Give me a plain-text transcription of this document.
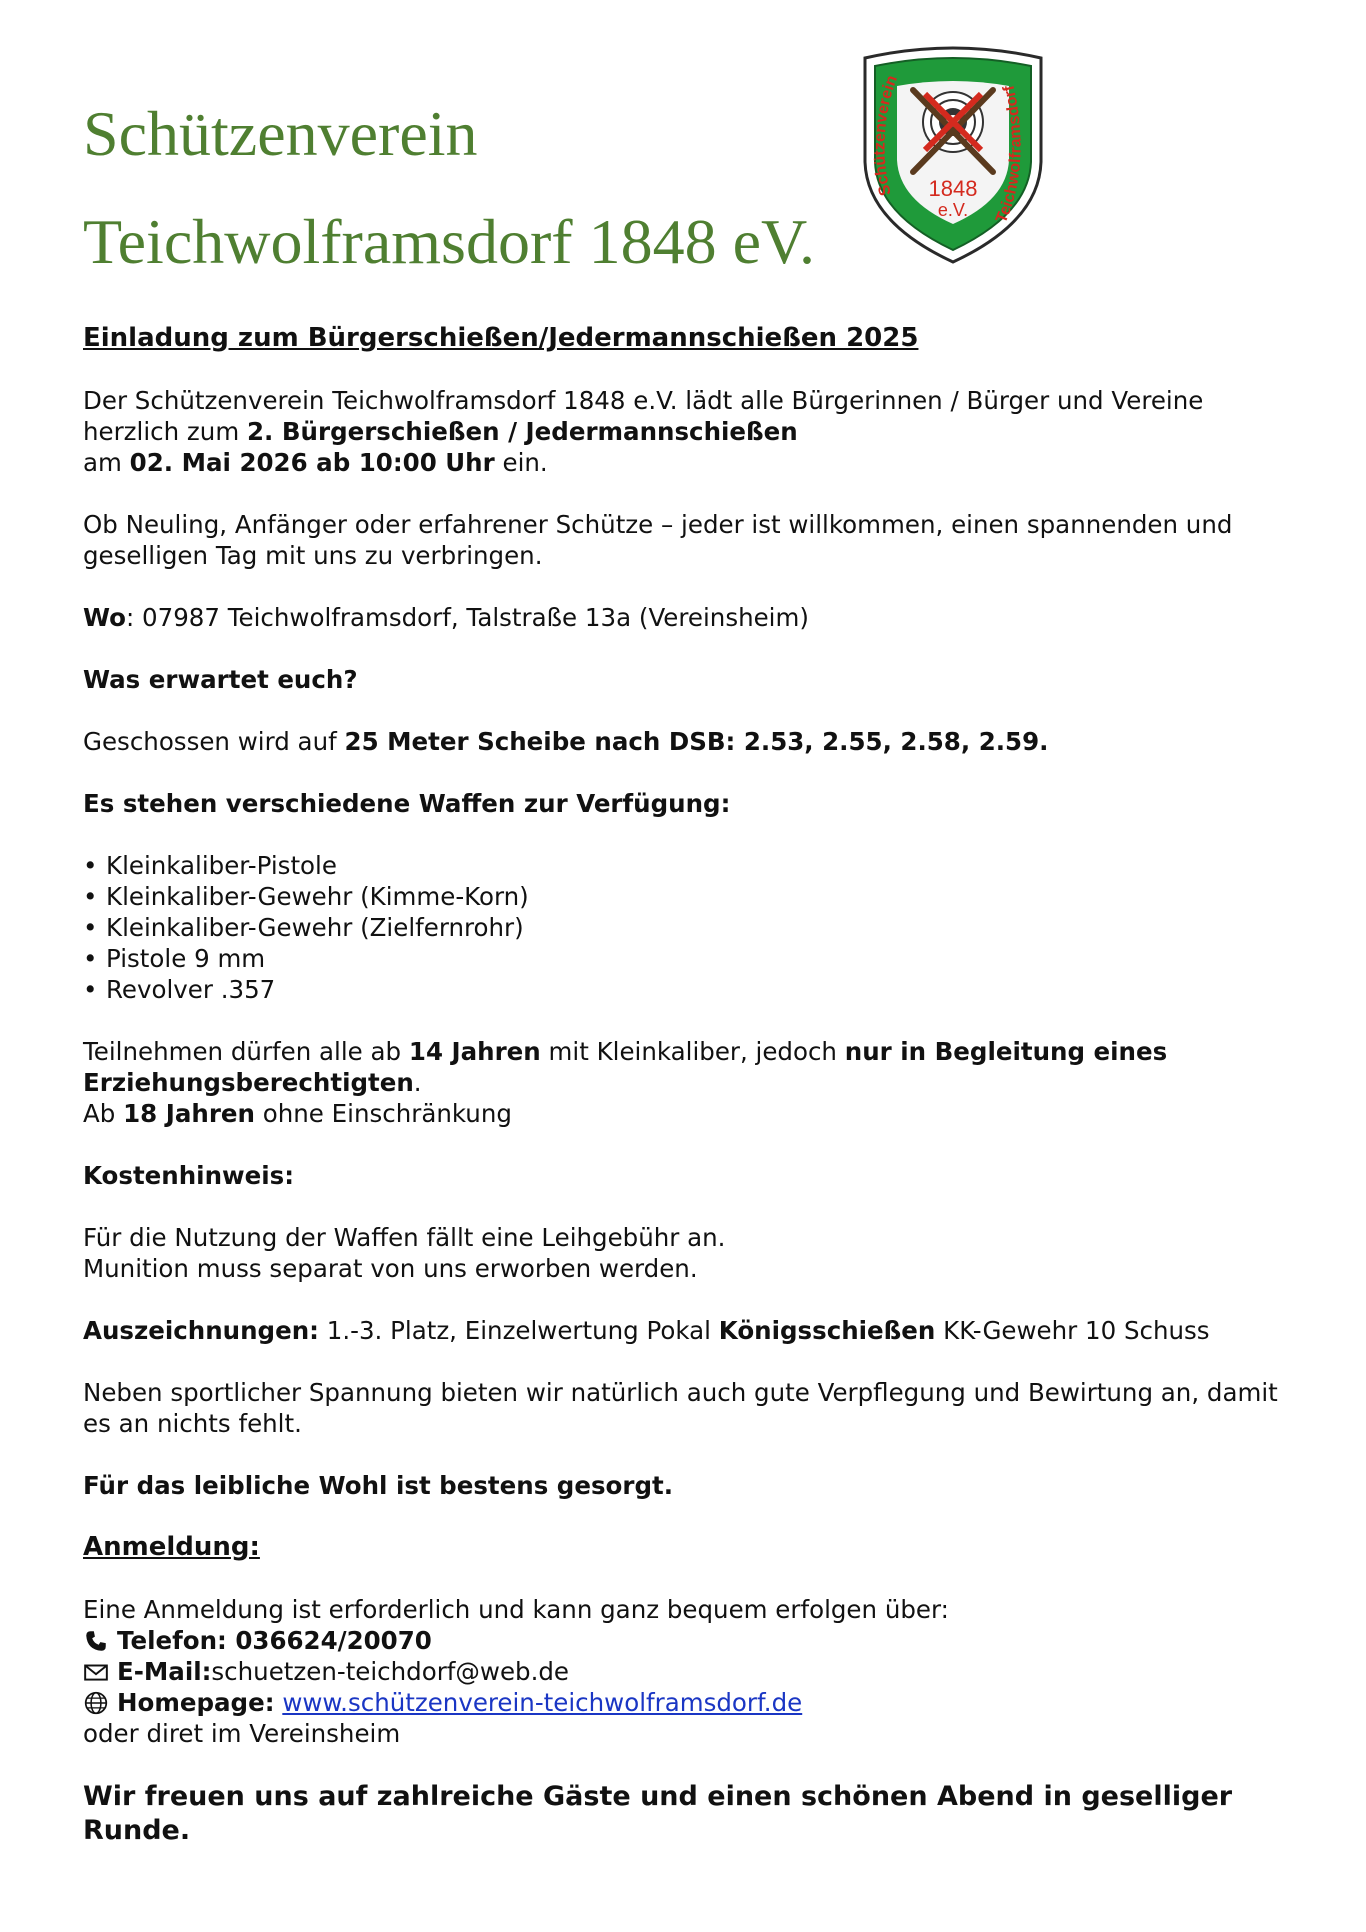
Schützenverein
Teichwolframsdorf 1848 eV.
1848
e.V.
Schützenverein
Teichwolframsdorf

Einladung zum Bürgerschießen/Jedermannschießen 2025

Der Schützenverein Teichwolframsdorf 1848 e.V. lädt alle Bürgerinnen / Bürger und Vereine herzlich zum 2. Bürgerschießen / Jedermannschießen
am 02. Mai 2026 ab 10:00 Uhr ein.

Ob Neuling, Anfänger oder erfahrener Schütze – jeder ist willkommen, einen spannenden und geselligen Tag mit uns zu verbringen.

Wo: 07987 Teichwolframsdorf, Talstraße 13a (Vereinsheim)

Was erwartet euch?

Geschossen wird auf 25 Meter Scheibe nach DSB: 2.53, 2.55, 2.58, 2.59.

Es stehen verschiedene Waffen zur Verfügung:

• Kleinkaliber-Pistole
• Kleinkaliber-Gewehr (Kimme-Korn)
• Kleinkaliber-Gewehr (Zielfernrohr)
• Pistole 9 mm
• Revolver .357

Teilnehmen dürfen alle ab 14 Jahren mit Kleinkaliber, jedoch nur in Begleitung eines Erziehungsberechtigten.
Ab 18 Jahren ohne Einschränkung

Kostenhinweis:

Für die Nutzung der Waffen fällt eine Leihgebühr an.
Munition muss separat von uns erworben werden.

Auszeichnungen: 1.-3. Platz, Einzelwertung Pokal Königsschießen KK-Gewehr 10 Schuss

Neben sportlicher Spannung bieten wir natürlich auch gute Verpflegung und Bewirtung an, damit es an nichts fehlt.

Für das leibliche Wohl ist bestens gesorgt.

Anmeldung:

Eine Anmeldung ist erforderlich und kann ganz bequem erfolgen über:

Telefon: 036624/20070
E-Mail: schuetzen-teichdorf@web.de
Homepage:
www.schützenverein-teichwolframsdorf.de

oder diret im Vereinsheim

Wir freuen uns auf zahlreiche Gäste und einen schönen Abend in geselliger Runde.
